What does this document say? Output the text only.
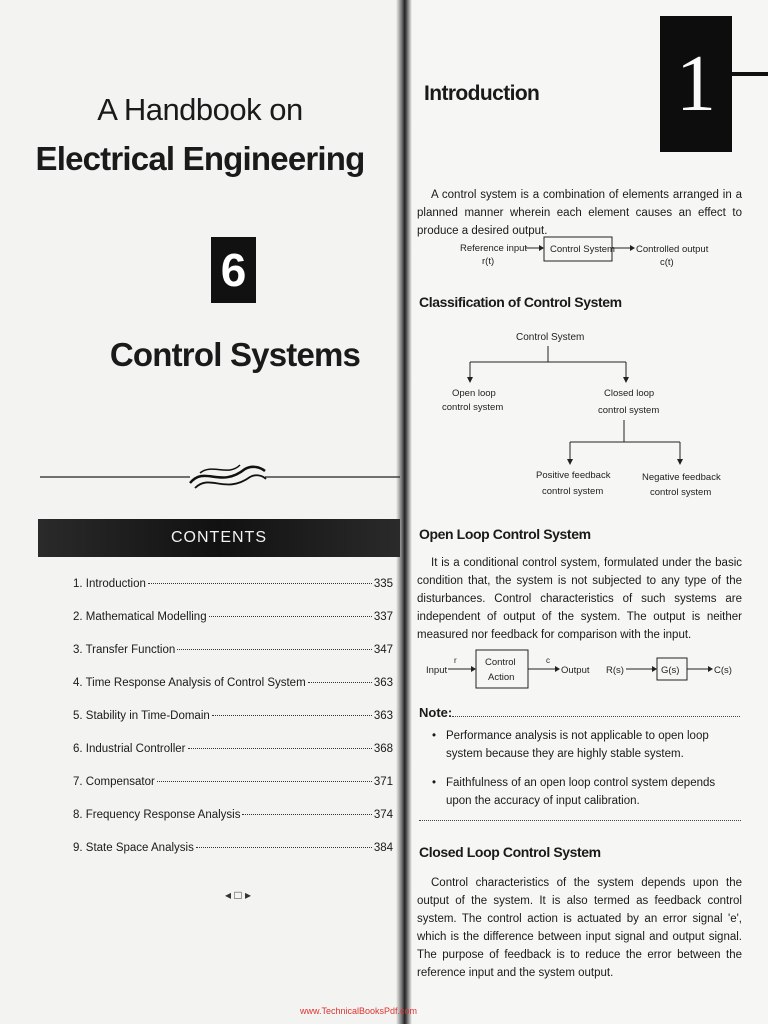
A Handbook on
Electrical Engineering
6
Control Systems
CONTENTS
1. Introduction	335
2. Mathematical Modelling	337
3. Transfer Function	347
4. Time Response Analysis of Control System	363
5. Stability in Time-Domain	363
6. Industrial Controller	368
7. Compensator	371
8. Frequency Response Analysis	374
9. State Space Analysis	384
◂ □ ▸
1
Introduction
A control system is a combination of elements arranged in a planned manner wherein each element causes an effect to produce a desired output.
Reference input
r(t)
Control System Controlled output
c(t)
Classification of Control System
Control System
Open loop
control system
Closed loop
control system
Positive feedback
control system
Negative feedback
control system
Open Loop Control System
It is a conditional control system, formulated under the basic condition that, the system is not subjected to any type of the disturbances. Control characteristics of such systems are independent of output of the system. The output is neither measured nor feedback for comparison with the input.
Input
r	Control
Action
c
Output R(s)	G(s)	C(s)
Note:
• Performance analysis is not applicable to open loop system because they are highly stable system.
• Faithfulness of an open loop control system depends upon the accuracy of input calibration.
Closed Loop Control System
Control characteristics of the system depends upon the output of the system. It is also termed as feedback control system. The control action is actuated by an error signal 'e', which is the difference between input signal and output signal. The purpose of feedback is to reduce the error between the reference input and the system output.
www.TechnicalBooksPdf.com
